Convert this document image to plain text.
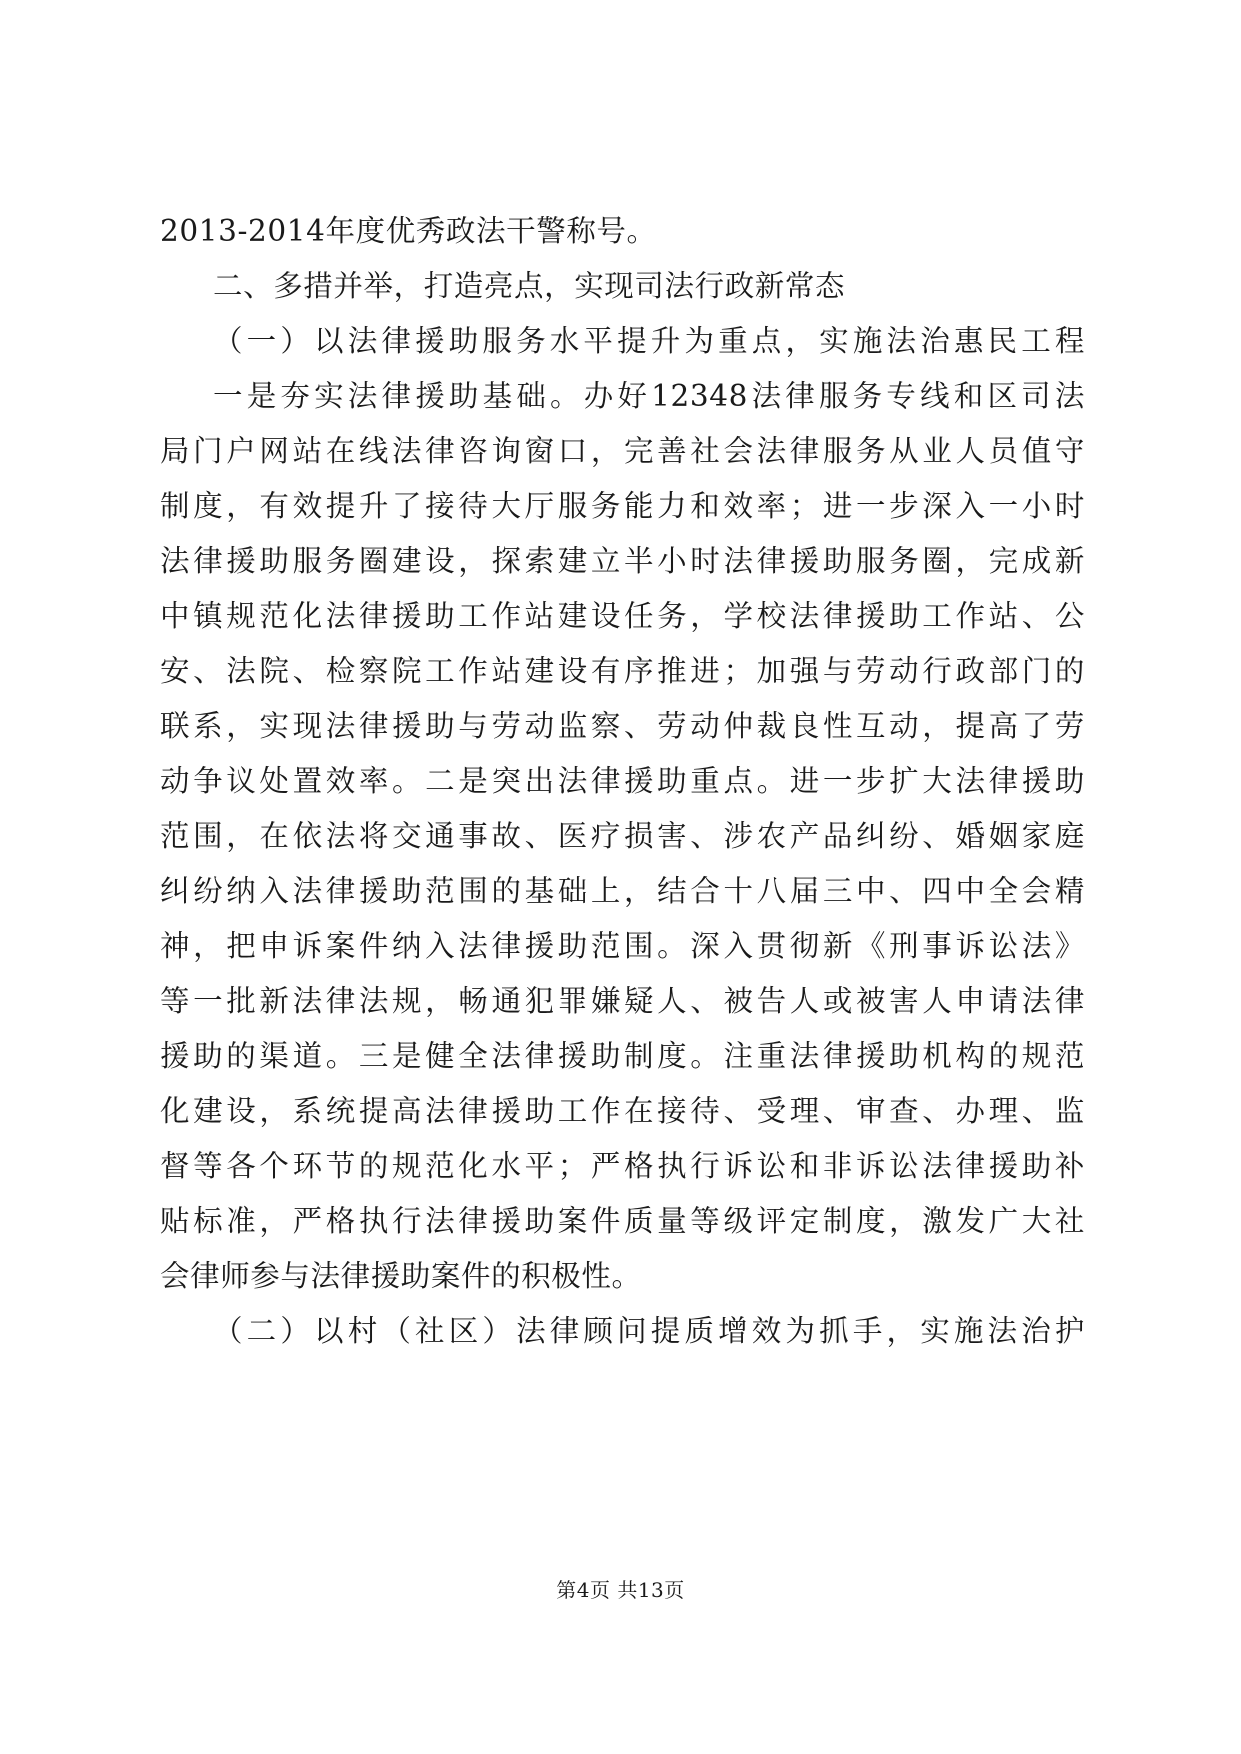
2013-2014年度优秀政法干警称号。
二、多措并举，打造亮点，实现司法行政新常态
（一）以法律援助服务水平提升为重点，实施法治惠民工程
一是夯实法律援助基础。办好12348法律服务专线和区司法
局门户网站在线法律咨询窗口，完善社会法律服务从业人员值守
制度，有效提升了接待大厅服务能力和效率；进一步深入一小时
法律援助服务圈建设，探索建立半小时法律援助服务圈，完成新
中镇规范化法律援助工作站建设任务，学校法律援助工作站、公
安、法院、检察院工作站建设有序推进；加强与劳动行政部门的
联系，实现法律援助与劳动监察、劳动仲裁良性互动，提高了劳
动争议处置效率。二是突出法律援助重点。进一步扩大法律援助
范围，在依法将交通事故、医疗损害、涉农产品纠纷、婚姻家庭
纠纷纳入法律援助范围的基础上，结合十八届三中、四中全会精
神，把申诉案件纳入法律援助范围。深入贯彻新《刑事诉讼法》
等一批新法律法规，畅通犯罪嫌疑人、被告人或被害人申请法律
援助的渠道。三是健全法律援助制度。注重法律援助机构的规范
化建设，系统提高法律援助工作在接待、受理、审查、办理、监
督等各个环节的规范化水平；严格执行诉讼和非诉讼法律援助补
贴标准，严格执行法律援助案件质量等级评定制度，激发广大社
会律师参与法律援助案件的积极性。
（二）以村（社区）法律顾问提质增效为抓手，实施法治护
第4页 共13页
